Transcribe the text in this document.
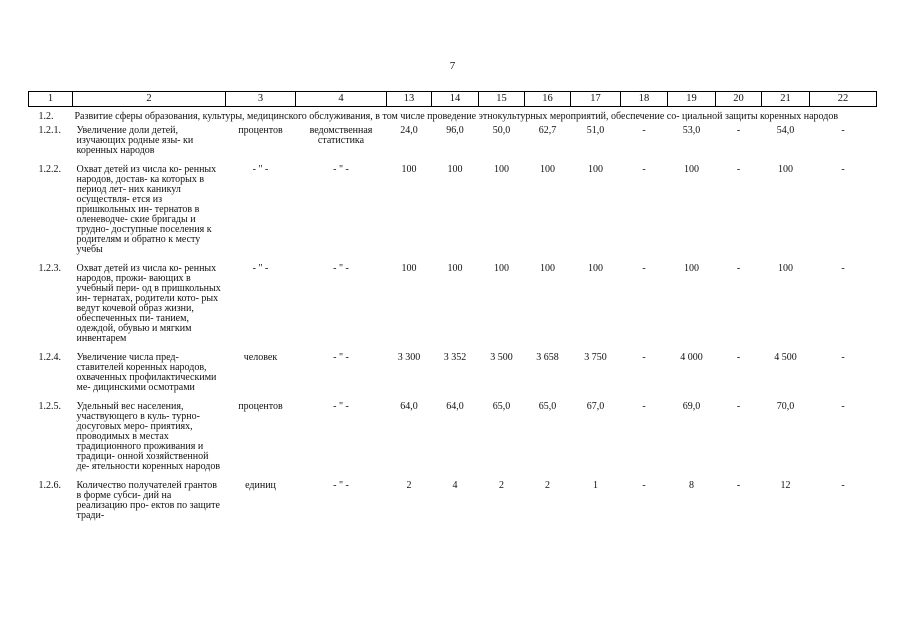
7
1	2	3	4	13	14	15	16	17	18	19	20	21	22
1.2.	Развитие сферы образования, культуры, медицинского обслуживания, в том числе проведение этнокультурных мероприятий, обеспечение со- циальной защиты коренных народов												
1.2.1.	Увеличение доли детей, изучающих родные язы- ки коренных народов	процентов	ведомственная статистика	24,0	96,0	50,0	62,7	51,0	-	53,0	-	54,0	-
1.2.2.	Охват детей из числа ко- ренных народов, достав- ка которых в период лет- них каникул осуществля- ется из пришкольных ин- тернатов в оленеводче- ские бригады и трудно- доступные поселения к родителям и обратно к месту учебы	- " -	- " -	100	100	100	100	100	-	100	-	100	-
1.2.3.	Охват детей из числа ко- ренных народов, прожи- вающих в учебный пери- од в пришкольных ин- тернатах, родители кото- рых ведут кочевой образ жизни, обеспеченных пи- танием, одеждой, обувью и мягким инвентарем	- " -	- " -	100	100	100	100	100	-	100	-	100	-
1.2.4.	Увеличение числа пред- ставителей коренных народов, охваченных профилактическими ме- дицинскими осмотрами	человек	- " -	3 300	3 352	3 500	3 658	3 750	-	4 000	-	4 500	-
1.2.5.	Удельный вес населения, участвующего в куль- турно-досуговых меро- приятиях, проводимых в местах традиционного проживания и традици- онной хозяйственной де- ятельности коренных народов	процентов	- " -	64,0	64,0	65,0	65,0	67,0	-	69,0	-	70,0	-
1.2.6.	Количество получателей грантов в форме субси- дий на реализацию про- ектов по защите тради-	единиц	- " -	2	4	2	2	1	-	8	-	12	-
